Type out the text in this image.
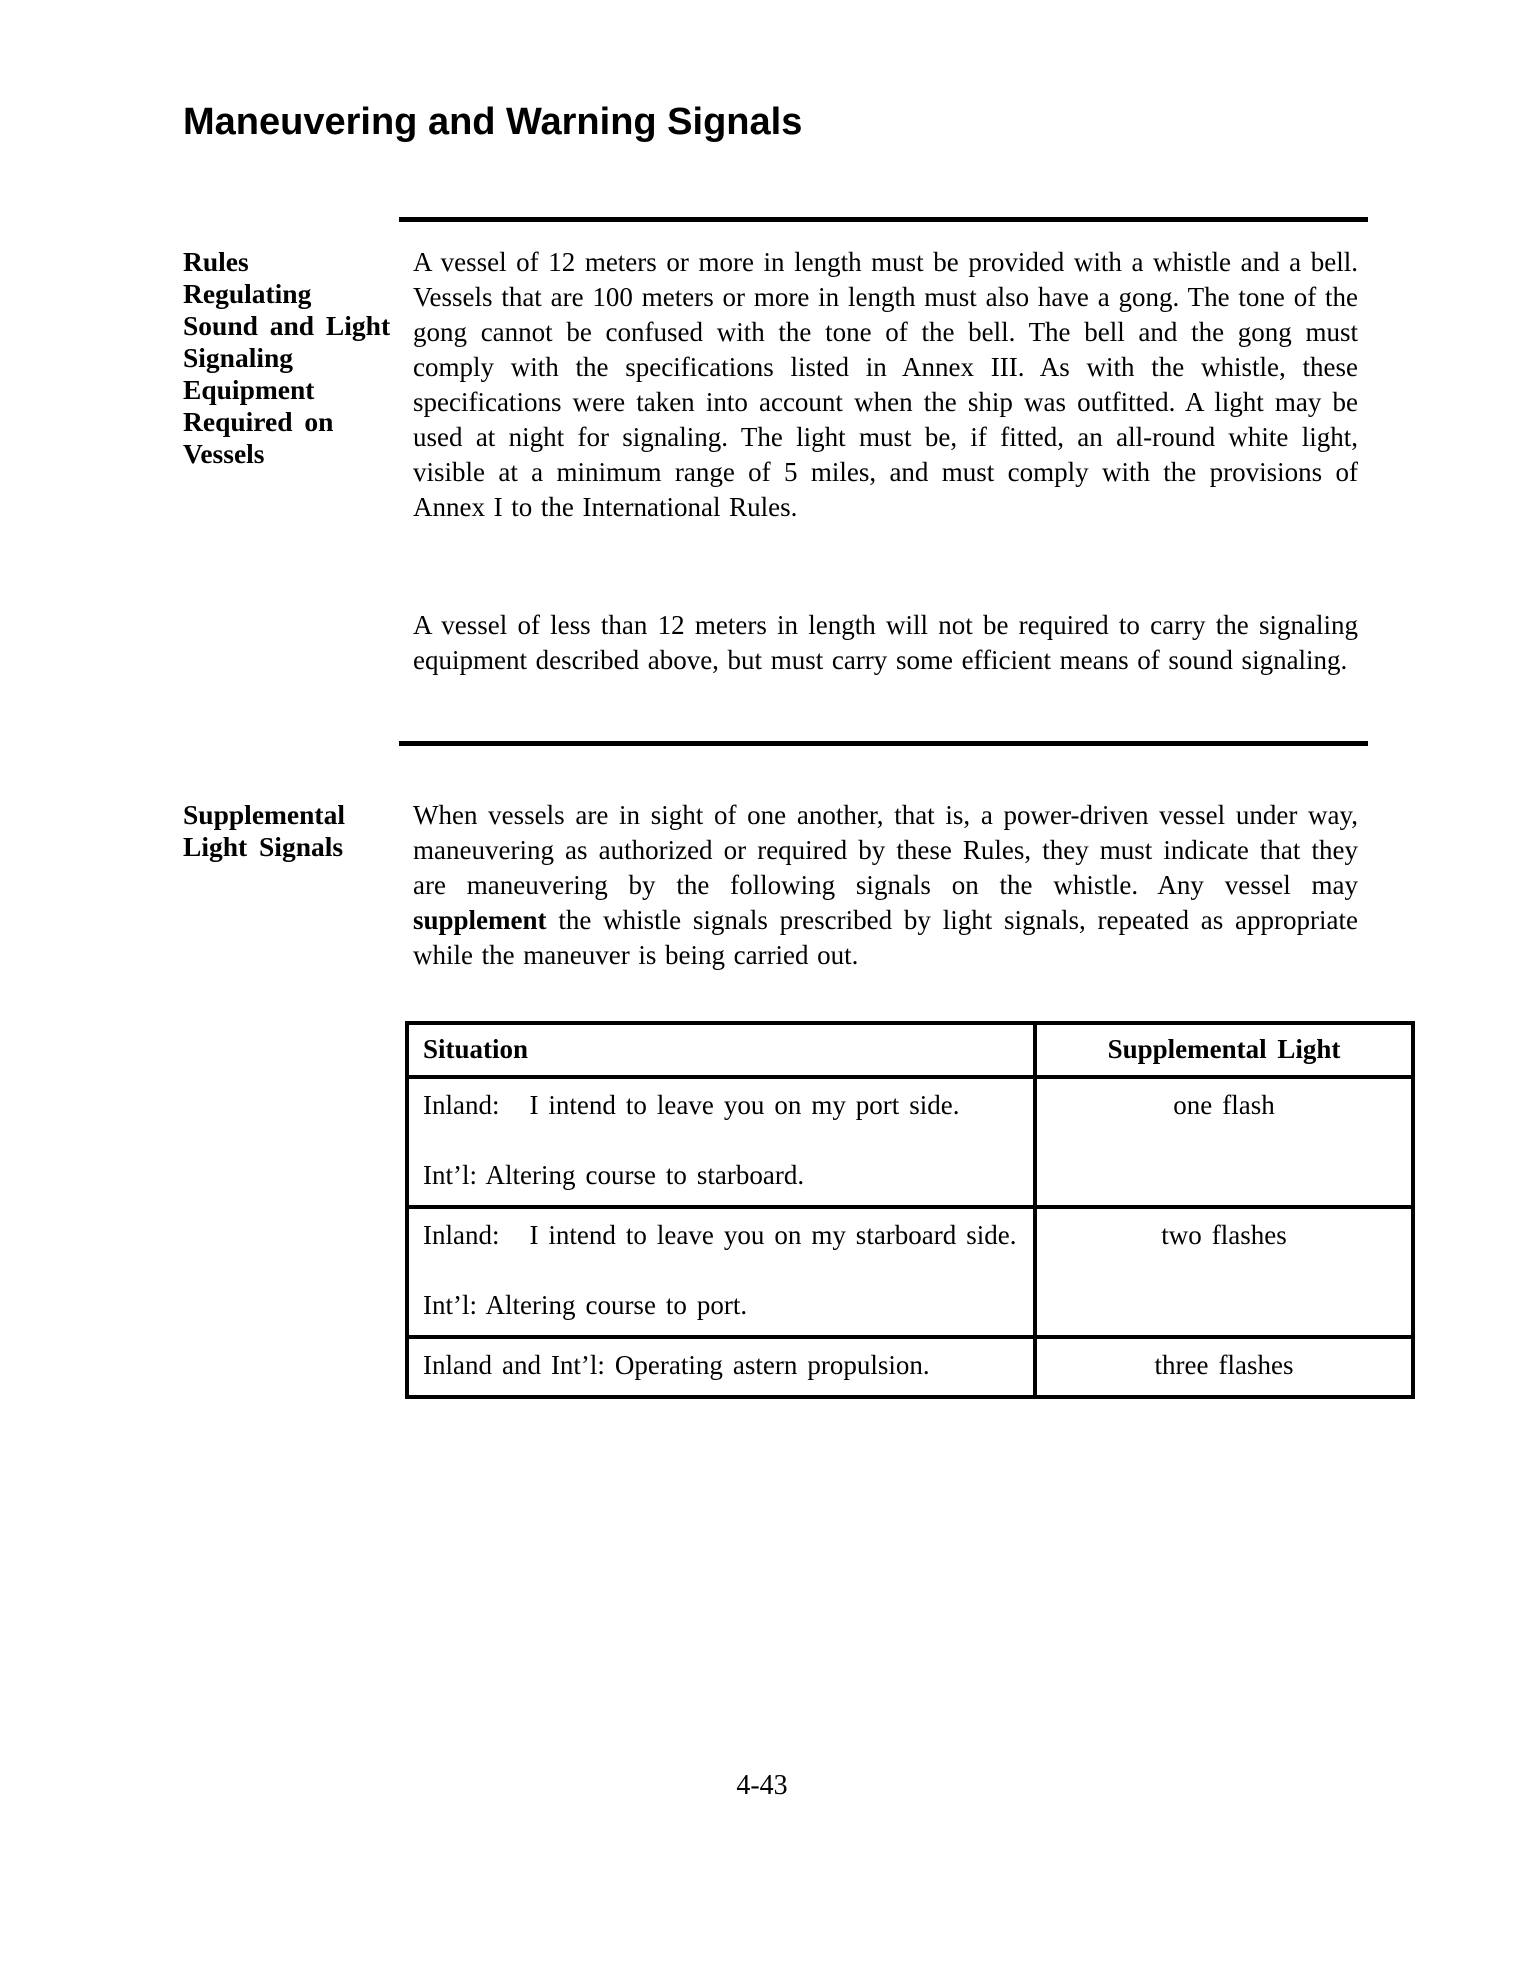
Maneuvering and Warning Signals
Rules
Regulating
Sound and Light
Signaling
Equipment
Required on
Vessels
A vessel of 12 meters or more in length must be provided with a whistle and a bell. Vessels that are 100 meters or more in length must also have a gong. The tone of the gong cannot be confused with the tone of the bell. The bell and the gong must comply with the specifications listed in Annex III. As with the whistle, these specifications were taken into account when the ship was outfitted. A light may be used at night for signaling. The light must be, if fitted, an all-round white light, visible at a minimum range of 5 miles, and must comply with the provisions of Annex I to the International Rules.
A vessel of less than 12 meters in length will not be required to carry the signaling equipment described above, but must carry some efficient means of sound signaling.
Supplemental
Light Signals
When vessels are in sight of one another, that is, a power-driven vessel under way, maneuvering as authorized or required by these Rules, they must indicate that they are maneuvering by the following signals on the whistle. Any vessel may supplement the whistle signals prescribed by light signals, repeated as appropriate while the maneuver is being carried out.
Situation	Supplemental Light

Inland:   I intend to leave you on my port side.

Int’l: Altering course to starboard.	one flash

Inland:   I intend to leave you on my starboard side.

Int’l: Altering course to port.	two flashes

Inland and Int’l: Operating astern propulsion.	three flashes
4-43
